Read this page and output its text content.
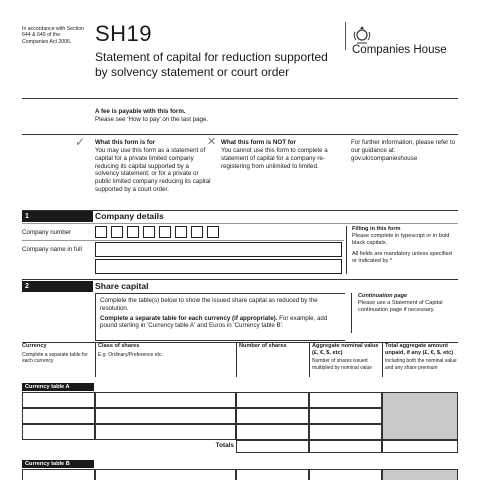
In accordance with Section 644 & 649 of the Companies Act 2006.	SH19
Statement of capital for reduction supported by solvency statement or court order
Companies House
A fee is payable with this form.
Please see 'How to pay' on the last page.
✓ What this form is for
You may use this form as a statement of capital for a private limited company reducing its capital supported by a solvency statement; or for a private or public limited company reducing its capital supported by a court order.
✕ What this form is NOT for
You cannot use this form to complete a statement of capital for a company re-registering from unlimited to limited.
For further information, please refer to our guidance at: gov.uk/companieshouse
1	Company details
Company number
Company name in full
Filling in this form
Please complete in typescript or in bold black capitals.
All fields are mandatory unless specified or indicated by *
2	Share capital
Complete the table(s) below to show the issued share capital as reduced by the resolution.
Complete a separate table for each currency (if appropriate). For example, add pound sterling in 'Currency table A' and Euros in 'Currency table B'.
Continuation page
Please use a Statement of Capital continuation page if necessary.
Currency
Complete a separate table for each currency
Class of shares
E.g. Ordinary/Preference etc.
Number of shares	Aggregate nominal value (£, €, $, etc)
Number of shares issued multiplied by nominal value
Total aggregate amount unpaid, if any (£, €, $, etc)
Including both the nominal value and any share premium
Currency table A
Totals
Currency table B
